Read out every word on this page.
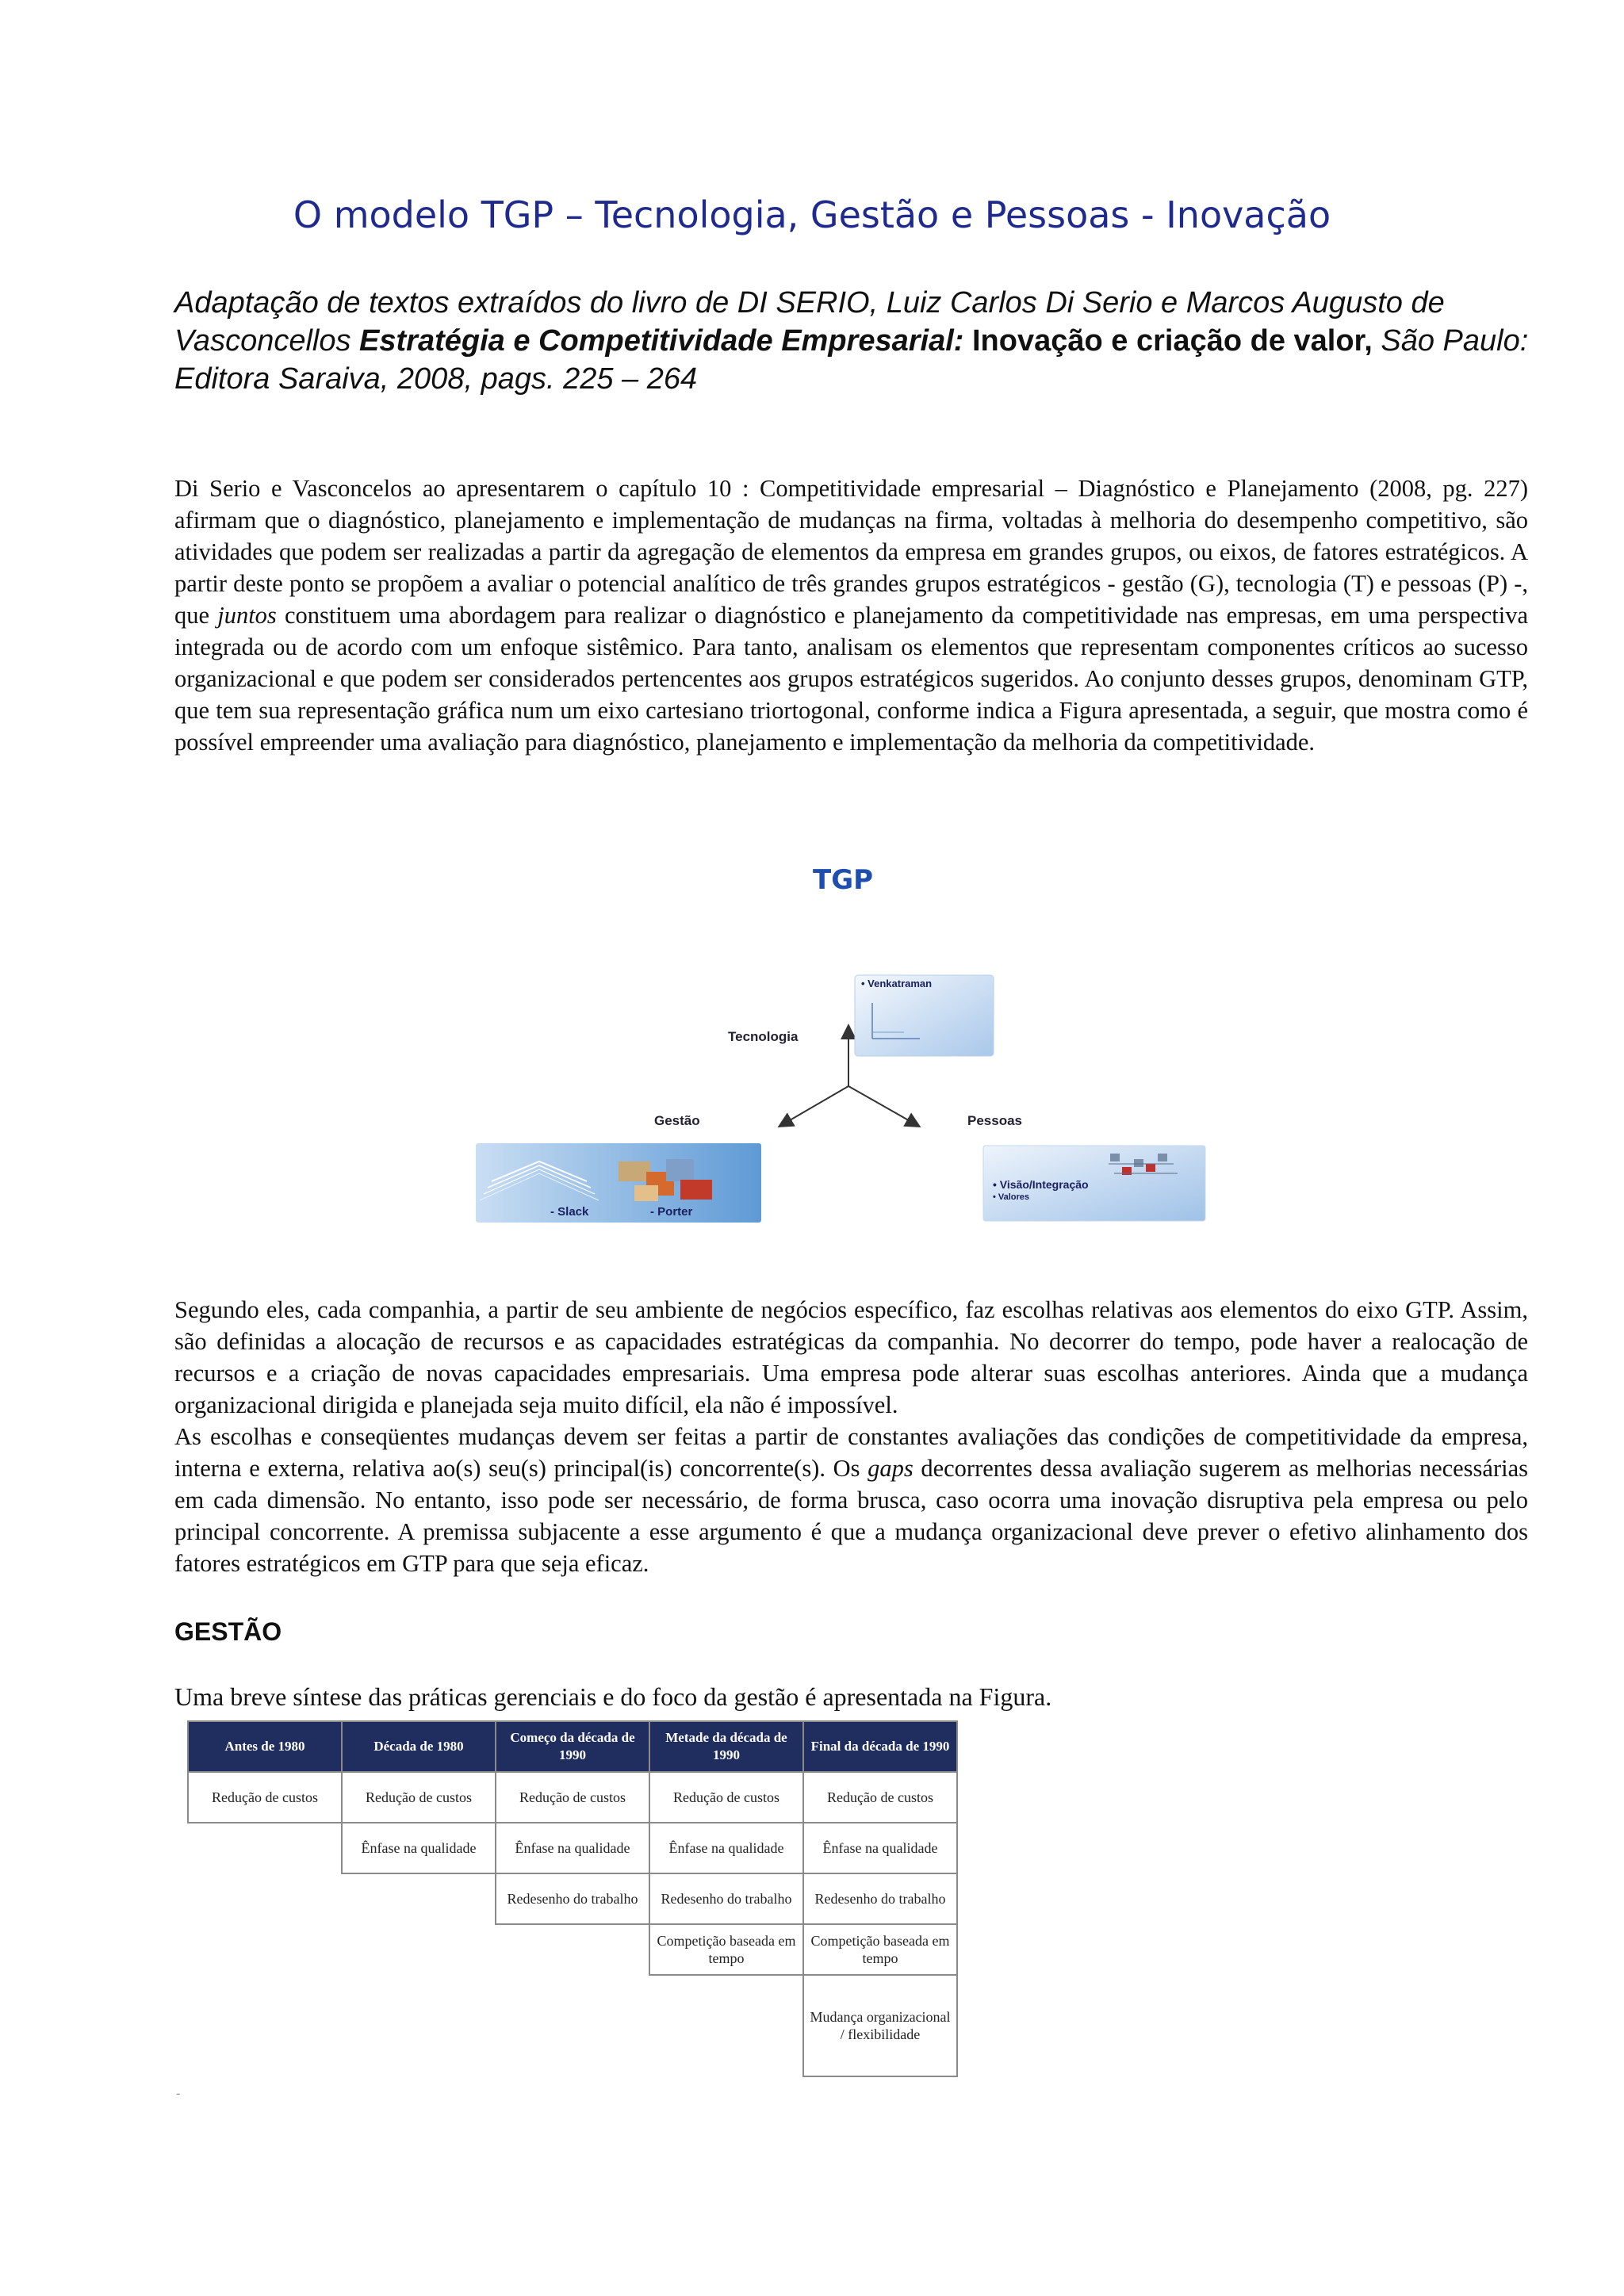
O modelo TGP – Tecnologia, Gestão e Pessoas - Inovação

Adaptação de textos extraídos do livro de DI SERIO, Luiz Carlos Di Serio e Marcos Augusto de Vasconcellos Estratégia e Competitividade Empresarial: Inovação e criação de valor, São Paulo: Editora Saraiva, 2008, pags. 225 – 264

Di Serio e Vasconcelos ao apresentarem o capítulo 10 : Competitividade empresarial – Diagnóstico e Planejamento (2008, pg. 227) afirmam que o diagnóstico, planejamento e implementação de mudanças na firma, voltadas à melhoria do desempenho competitivo, são atividades que podem ser realizadas a partir da agregação de elementos da empresa em grandes grupos, ou eixos, de fatores estratégicos. A partir deste ponto se propõem a avaliar o potencial analítico de três grandes grupos estratégicos - gestão (G), tecnologia (T) e pessoas (P) -, que juntos constituem uma abordagem para realizar o diagnóstico e planejamento da competitividade nas empresas, em uma perspectiva integrada ou de acordo com um enfoque sistêmico. Para tanto, analisam os elementos que representam componentes críticos ao sucesso organizacional e que podem ser considerados pertencentes aos grupos estratégicos sugeridos. Ao conjunto desses grupos, denominam GTP, que tem sua representação gráfica num um eixo cartesiano triortogonal, conforme indica a Figura apresentada, a seguir, que mostra como é possível empreender uma avaliação para diagnóstico, planejamento e implementação da melhoria da competitividade.

TGP
Tecnologia
Gestão	Pessoas
• Venkatraman
- Slack	- Porter
• Visão/Integração
• Valores

Segundo eles, cada companhia, a partir de seu ambiente de negócios específico, faz escolhas relativas aos elementos do eixo GTP. Assim, são definidas a alocação de recursos e as capacidades estratégicas da companhia. No decorrer do tempo, pode haver a realocação de recursos e a criação de novas capacidades empresariais. Uma empresa pode alterar suas escolhas anteriores. Ainda que a mudança organizacional dirigida e planejada seja muito difícil, ela não é impossível.

As escolhas e conseqüentes mudanças devem ser feitas a partir de constantes avaliações das condições de competitividade da empresa, interna e externa, relativa ao(s) seu(s) principal(is) concorrente(s). Os gaps decorrentes dessa avaliação sugerem as melhorias necessárias em cada dimensão. No entanto, isso pode ser necessário, de forma brusca, caso ocorra uma inovação disruptiva pela empresa ou pelo principal concorrente. A premissa subjacente a esse argumento é que a mudança organizacional deve prever o efetivo alinhamento dos fatores estratégicos em GTP para que seja eficaz.

GESTÃO

Uma breve síntese das práticas gerenciais e do foco da gestão é apresentada na Figura.

Antes de 1980	Década de 1980	Começo da década de 1990	Metade da década de 1990	Final da década de 1990
Redução de custos	Redução de custos	Redução de custos	Redução de custos	Redução de custos
	Ênfase na qualidade	Ênfase na qualidade	Ênfase na qualidade	Ênfase na qualidade
		Redesenho do trabalho	Redesenho do trabalho	Redesenho do trabalho
			Competição baseada em tempo	Competição baseada em tempo
				Mudança organizacional / flexibilidade
-
